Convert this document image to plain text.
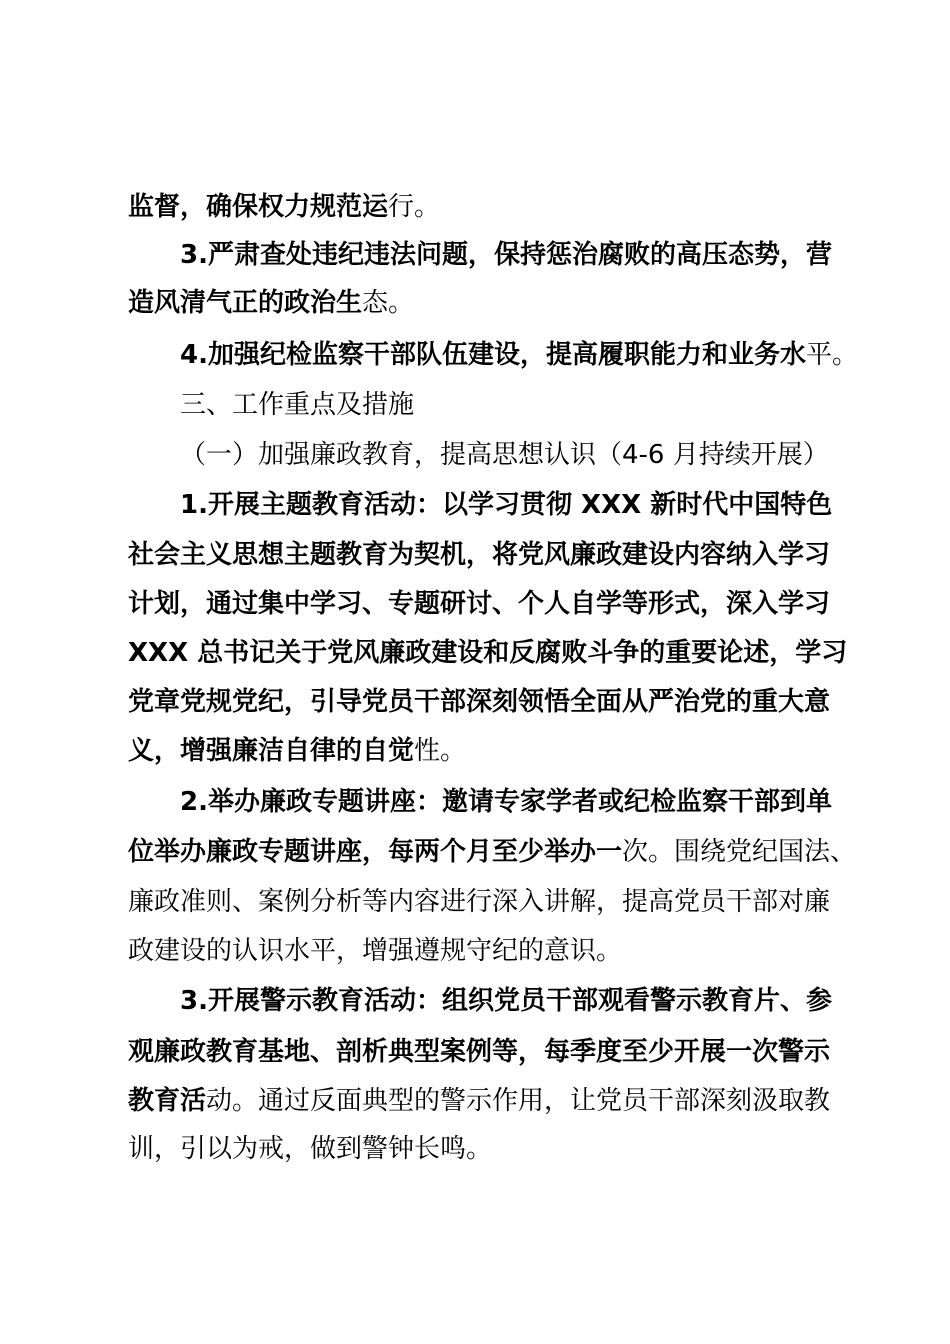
监督，确保权力规范运行。
3.严肃查处违纪违法问题，保持惩治腐败的高压态势，营
造风清气正的政治生态。
4.加强纪检监察干部队伍建设，提高履职能力和业务水平。
三、工作重点及措施
（一）加强廉政教育，提高思想认识（4-6 月持续开展）
1.开展主题教育活动：以学习贯彻 XXX 新时代中国特色
社会主义思想主题教育为契机，将党风廉政建设内容纳入学习
计划，通过集中学习、专题研讨、个人自学等形式，深入学习
XXX 总书记关于党风廉政建设和反腐败斗争的重要论述，学习
党章党规党纪，引导党员干部深刻领悟全面从严治党的重大意
义，增强廉洁自律的自觉性。
2.举办廉政专题讲座：邀请专家学者或纪检监察干部到单
位举办廉政专题讲座，每两个月至少举办一次。围绕党纪国法、
廉政准则、案例分析等内容进行深入讲解，提高党员干部对廉
政建设的认识水平，增强遵规守纪的意识。
3.开展警示教育活动：组织党员干部观看警示教育片、参
观廉政教育基地、剖析典型案例等，每季度至少开展一次警示
教育活动。通过反面典型的警示作用，让党员干部深刻汲取教
训，引以为戒，做到警钟长鸣。
